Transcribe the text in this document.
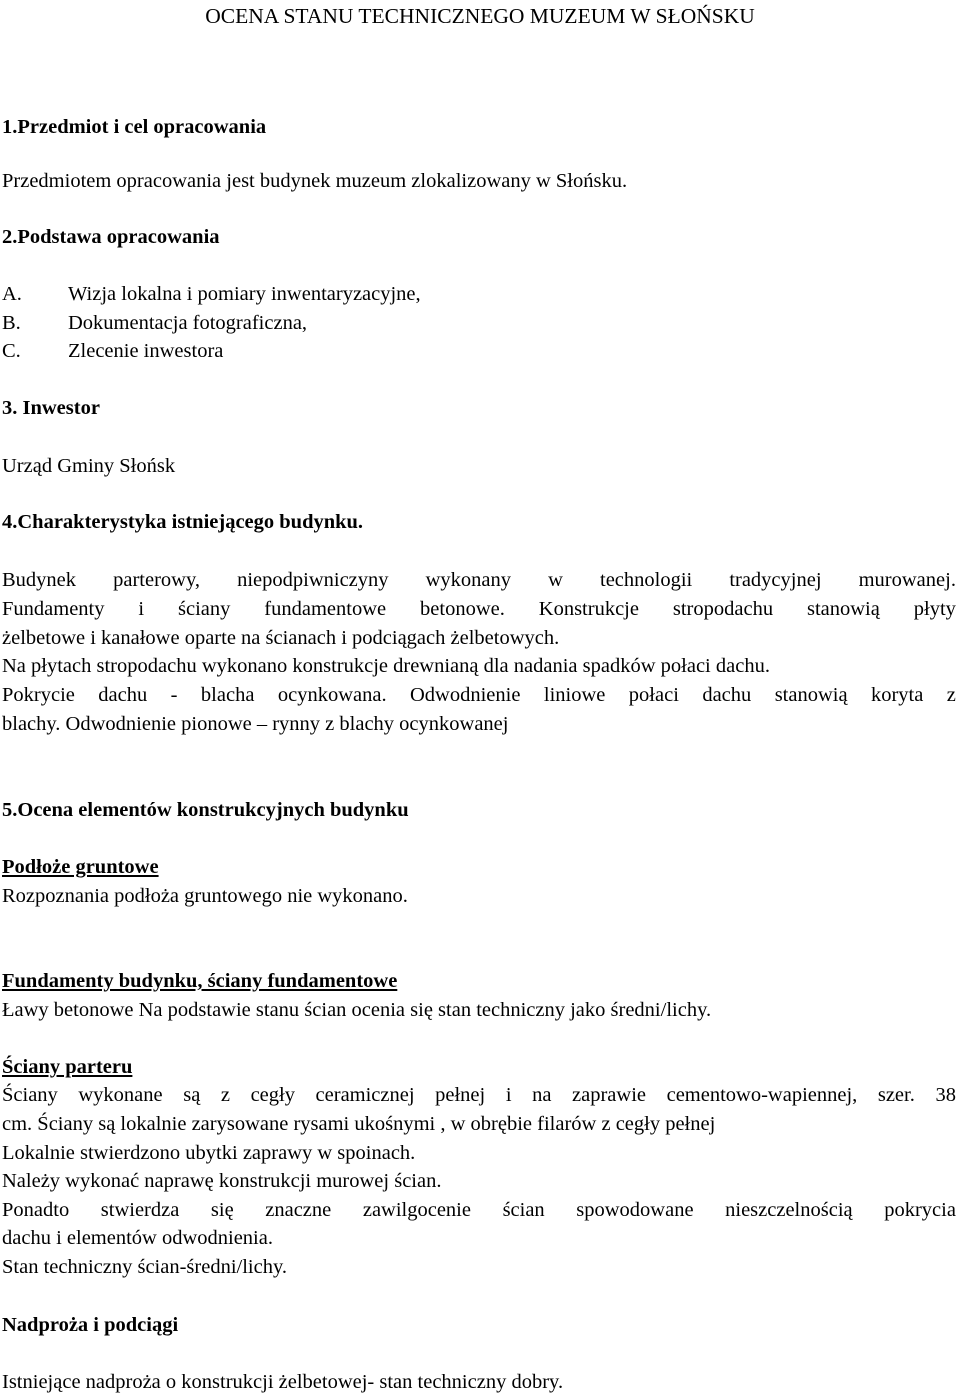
OCENA STANU TECHNICZNEGO MUZEUM W SŁOŃSKU
1.Przedmiot i cel opracowania
Przedmiotem opracowania jest budynek muzeum zlokalizowany w Słońsku.
2.Podstawa opracowania
A. Wizja lokalna i pomiary inwentaryzacyjne,
B. Dokumentacja fotograficzna,
C. Zlecenie inwestora
3. Inwestor
Urząd Gminy Słońsk
4.Charakterystyka istniejącego budynku.
Budynek parterowy, niepodpiwniczyny wykonany w technologii tradycyjnej murowanej.
Fundamenty i ściany fundamentowe betonowe. Konstrukcje stropodachu stanowią płyty
żelbetowe i kanałowe oparte na ścianach i podciągach żelbetowych.
Na płytach stropodachu wykonano konstrukcje drewnianą dla nadania spadków połaci dachu.
Pokrycie dachu - blacha ocynkowana. Odwodnienie liniowe połaci dachu stanowią koryta z
blachy. Odwodnienie pionowe – rynny z blachy ocynkowanej
5.Ocena elementów konstrukcyjnych budynku
Podłoże gruntowe
Rozpoznania podłoża gruntowego nie wykonano.
Fundamenty budynku, ściany fundamentowe
Ławy betonowe Na podstawie stanu ścian ocenia się stan techniczny jako średni/lichy.
Ściany parteru
Ściany wykonane są z cegły ceramicznej pełnej i na zaprawie cementowo-wapiennej, szer. 38
cm. Ściany są lokalnie zarysowane rysami ukośnymi , w obrębie filarów z cegły pełnej
Lokalnie stwierdzono ubytki zaprawy w spoinach.
Należy wykonać naprawę konstrukcji murowej ścian.
Ponadto stwierdza się znaczne zawilgocenie ścian spowodowane nieszczelnością pokrycia
dachu i elementów odwodnienia.
Stan techniczny ścian-średni/lichy.
Nadproża i podciągi
Istniejące nadproża o konstrukcji żelbetowej- stan techniczny dobry.
